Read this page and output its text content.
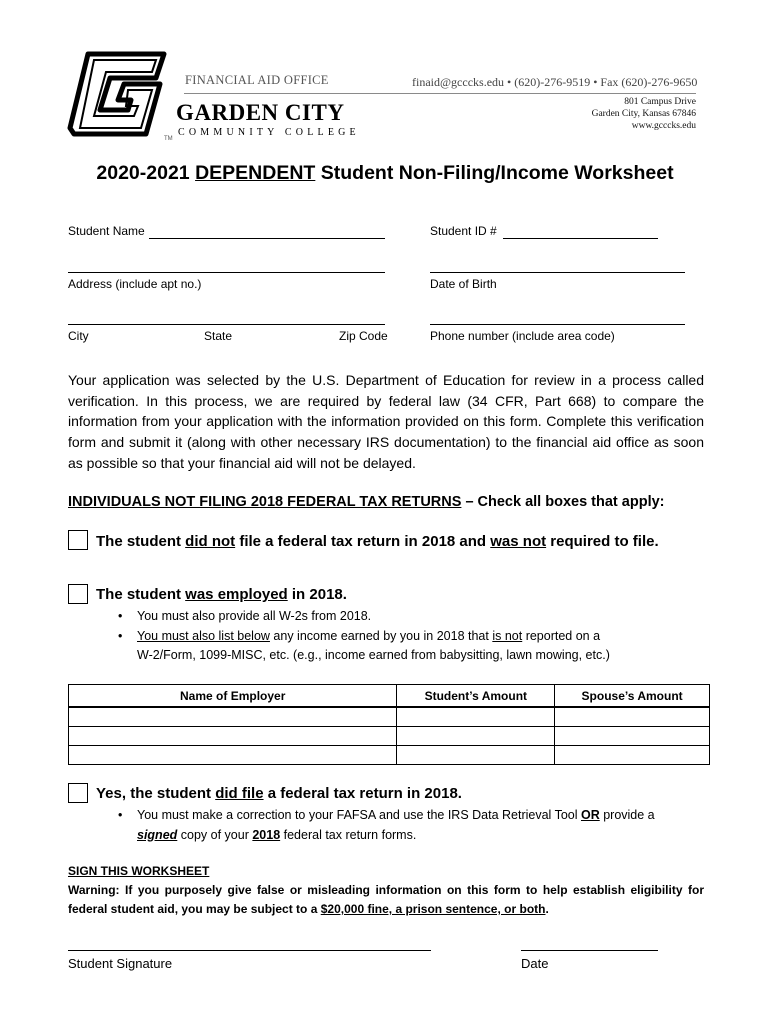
FINANCIAL AID OFFICE	finaid@gcccks.edu • (620)-276-9519 • Fax (620)-276-9650
GARDEN CITY
COMMUNITY COLLEGE
TM
801 Campus Drive
Garden City, Kansas 67846
www.gcccks.edu
2020-2021 DEPENDENT Student Non-Filing/Income Worksheet
Student Name	Student ID #
Address (include apt no.)	Date of Birth
City	State	Zip Code	Phone number (include area code)
Your application was selected by the U.S. Department of Education for review in a process called verification. In this process, we are required by federal law (34 CFR, Part 668) to compare the information from your application with the information provided on this form. Complete this verification form and submit it (along with other necessary IRS documentation) to the financial aid office as soon as possible so that your financial aid will not be delayed.
INDIVIDUALS NOT FILING 2018 FEDERAL TAX RETURNS – Check all boxes that apply:
The student did not file a federal tax return in 2018 and was not required to file.
The student was employed in 2018.
• You must also provide all W-2s from 2018.
• You must also list below any income earned by you in 2018 that is not reported on a
W-2/Form, 1099-MISC, etc. (e.g., income earned from babysitting, lawn mowing, etc.)
Name of Employer	Student’s Amount	Spouse’s Amount

Yes, the student did file a federal tax return in 2018.
• You must make a correction to your FAFSA and use the IRS Data Retrieval Tool OR provide a
signed copy of your 2018 federal tax return forms.
SIGN THIS WORKSHEET
Warning: If you purposely give false or misleading information on this form to help establish eligibility for federal student aid, you may be subject to a $20,000 fine, a prison sentence, or both.
Student Signature	Date
